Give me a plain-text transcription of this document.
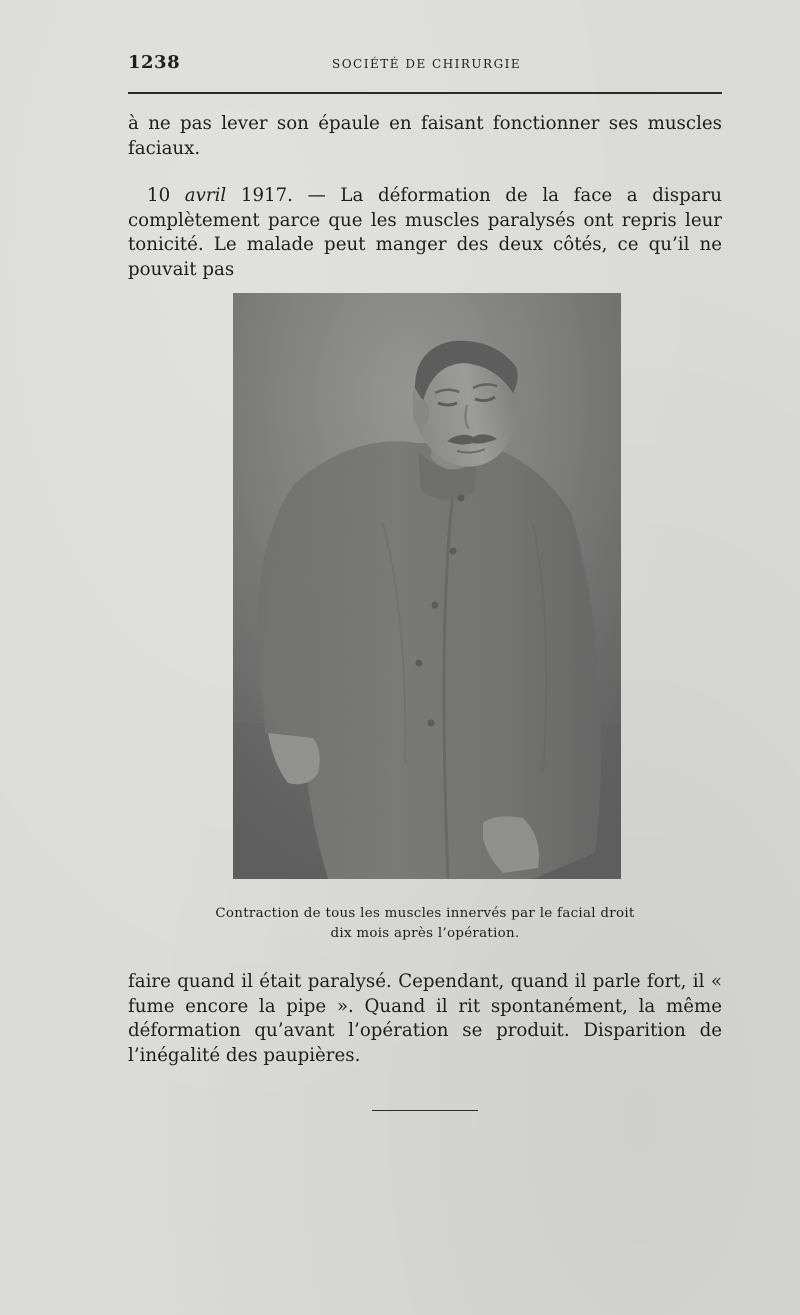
1238	SOCIÉTÉ DE CHIRURGIE

à ne pas lever son épaule en faisant fonctionner ses muscles faciaux.

10 avril 1917. — La déformation de la face a disparu complètement parce que les muscles paralysés ont repris leur tonicité. Le malade peut manger des deux côtés, ce qu’il ne pouvait pas

Contraction de tous les muscles innervés par le facial droit
dix mois après l’opération.

faire quand il était paralysé. Cependant, quand il parle fort, il « fume encore la pipe ». Quand il rit spontanément, la même déformation qu’avant l’opération se produit. Disparition de l’inégalité des paupières.
